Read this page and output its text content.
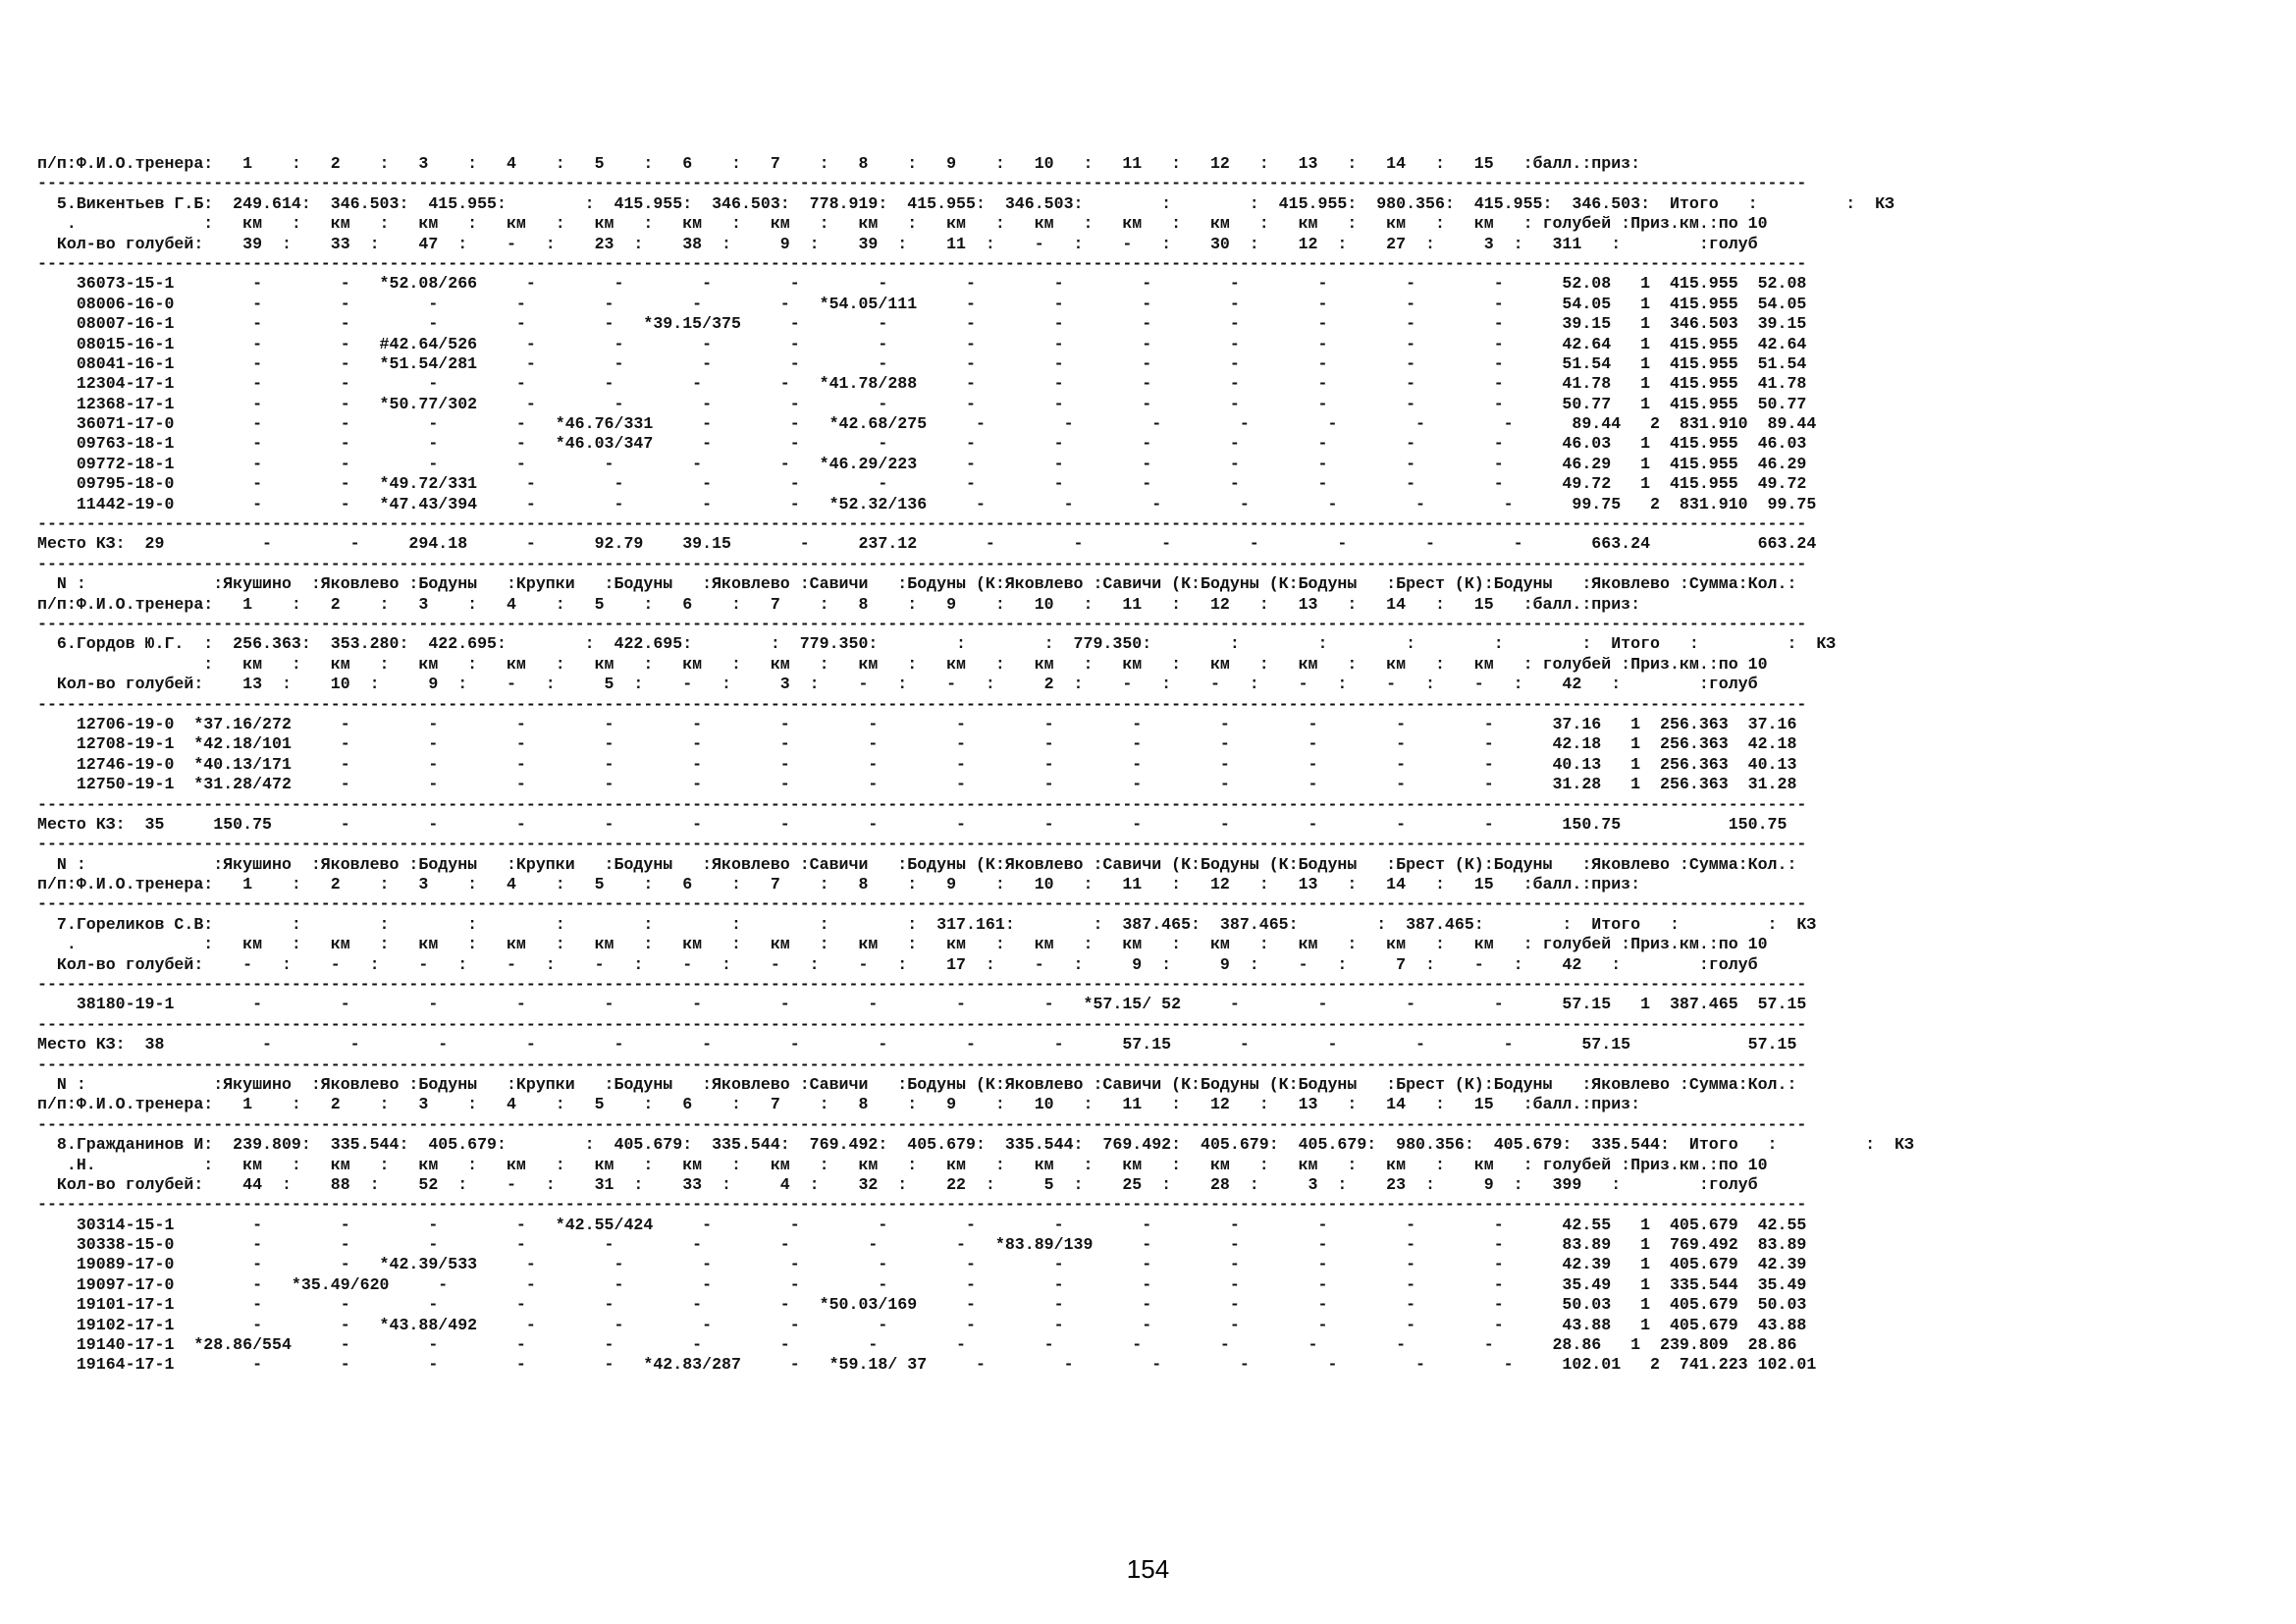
п/п:Ф.И.О.тренера:   1    :   2    :   3    :   4    :   5    :   6    :   7    :   8    :   9    :   10   :   11   :   12   :   13   :   14   :   15   :балл.:приз:
-------------------------------------------------------------------------------------------------------------------------------------------------------------------------------------
5.Викентьев Г.Б:  249.614:  346.503:  415.955:        :  415.955:  346.503:  778.919:  415.955:  346.503:        :        :  415.955:  980.356:  415.955:  346.503:  Итого   :         :  КЗ
.             :   км   :   км   :   км   :   км   :   км   :   км   :   км   :   км   :   км   :   км   :   км   :   км   :   км   :   км   :   км   : голубей :Приз.км.:по 10
Кол-во голубей:    39  :    33  :    47  :    -   :    23  :    38  :     9  :    39  :    11  :    -   :    -   :    30  :    12  :    27  :     3  :   311   :        :голуб
-------------------------------------------------------------------------------------------------------------------------------------------------------------------------------------
36073-15-1        -        -   *52.08/266     -        -        -        -        -        -        -        -        -        -        -        -      52.08   1  415.955  52.08
08006-16-0        -        -        -        -        -        -        -   *54.05/111     -        -        -        -        -        -        -      54.05   1  415.955  54.05
08007-16-1        -        -        -        -        -   *39.15/375     -        -        -        -        -        -        -        -        -      39.15   1  346.503  39.15
08015-16-1        -        -   #42.64/526     -        -        -        -        -        -        -        -        -        -        -        -      42.64   1  415.955  42.64
08041-16-1        -        -   *51.54/281     -        -        -        -        -        -        -        -        -        -        -        -      51.54   1  415.955  51.54
12304-17-1        -        -        -        -        -        -        -   *41.78/288     -        -        -        -        -        -        -      41.78   1  415.955  41.78
12368-17-1        -        -   *50.77/302     -        -        -        -        -        -        -        -        -        -        -        -      50.77   1  415.955  50.77
36071-17-0        -        -        -        -   *46.76/331     -        -   *42.68/275     -        -        -        -        -        -        -      89.44   2  831.910  89.44
09763-18-1        -        -        -        -   *46.03/347     -        -        -        -        -        -        -        -        -        -      46.03   1  415.955  46.03
09772-18-1        -        -        -        -        -        -        -   *46.29/223     -        -        -        -        -        -        -      46.29   1  415.955  46.29
09795-18-0        -        -   *49.72/331     -        -        -        -        -        -        -        -        -        -        -        -      49.72   1  415.955  49.72
11442-19-0        -        -   *47.43/394     -        -        -        -   *52.32/136     -        -        -        -        -        -        -      99.75   2  831.910  99.75
-------------------------------------------------------------------------------------------------------------------------------------------------------------------------------------
Место КЗ:  29          -        -     294.18      -      92.79    39.15       -     237.12       -        -        -        -        -        -        -       663.24           663.24
-------------------------------------------------------------------------------------------------------------------------------------------------------------------------------------
N :             :Якушино  :Яковлево :Бодуны   :Крупки   :Бодуны   :Яковлево :Савичи   :Бодуны (К:Яковлево :Савичи (К:Бодуны (К:Бодуны   :Брест (К):Бодуны   :Яковлево :Сумма:Кол.:
п/п:Ф.И.О.тренера:   1    :   2    :   3    :   4    :   5    :   6    :   7    :   8    :   9    :   10   :   11   :   12   :   13   :   14   :   15   :балл.:приз:
-------------------------------------------------------------------------------------------------------------------------------------------------------------------------------------
6.Гордов Ю.Г.  :  256.363:  353.280:  422.695:        :  422.695:        :  779.350:        :        :  779.350:        :        :        :        :        :  Итого   :         :  КЗ
:   км   :   км   :   км   :   км   :   км   :   км   :   км   :   км   :   км   :   км   :   км   :   км   :   км   :   км   :   км   : голубей :Приз.км.:по 10
Кол-во голубей:    13  :    10  :     9  :    -   :     5  :    -   :     3  :    -   :    -   :     2  :    -   :    -   :    -   :    -   :    -   :    42   :        :голуб
-------------------------------------------------------------------------------------------------------------------------------------------------------------------------------------
12706-19-0  *37.16/272     -        -        -        -        -        -        -        -        -        -        -        -        -        -      37.16   1  256.363  37.16
12708-19-1  *42.18/101     -        -        -        -        -        -        -        -        -        -        -        -        -        -      42.18   1  256.363  42.18
12746-19-0  *40.13/171     -        -        -        -        -        -        -        -        -        -        -        -        -        -      40.13   1  256.363  40.13
12750-19-1  *31.28/472     -        -        -        -        -        -        -        -        -        -        -        -        -        -      31.28   1  256.363  31.28
-------------------------------------------------------------------------------------------------------------------------------------------------------------------------------------
Место КЗ:  35     150.75       -        -        -        -        -        -        -        -        -        -        -        -        -        -       150.75           150.75
-------------------------------------------------------------------------------------------------------------------------------------------------------------------------------------
N :             :Якушино  :Яковлево :Бодуны   :Крупки   :Бодуны   :Яковлево :Савичи   :Бодуны (К:Яковлево :Савичи (К:Бодуны (К:Бодуны   :Брест (К):Бодуны   :Яковлево :Сумма:Кол.:
п/п:Ф.И.О.тренера:   1    :   2    :   3    :   4    :   5    :   6    :   7    :   8    :   9    :   10   :   11   :   12   :   13   :   14   :   15   :балл.:приз:
-------------------------------------------------------------------------------------------------------------------------------------------------------------------------------------
7.Гореликов С.В:        :        :        :        :        :        :        :        :  317.161:        :  387.465:  387.465:        :  387.465:        :  Итого   :         :  КЗ
.             :   км   :   км   :   км   :   км   :   км   :   км   :   км   :   км   :   км   :   км   :   км   :   км   :   км   :   км   :   км   : голубей :Приз.км.:по 10
Кол-во голубей:    -   :    -   :    -   :    -   :    -   :    -   :    -   :    -   :    17  :    -   :     9  :     9  :    -   :     7  :    -   :    42   :        :голуб
-------------------------------------------------------------------------------------------------------------------------------------------------------------------------------------
38180-19-1        -        -        -        -        -        -        -        -        -        -   *57.15/ 52     -        -        -        -      57.15   1  387.465  57.15
-------------------------------------------------------------------------------------------------------------------------------------------------------------------------------------
Место КЗ:  38          -        -        -        -        -        -        -        -        -        -      57.15       -        -        -        -       57.15            57.15
-------------------------------------------------------------------------------------------------------------------------------------------------------------------------------------
N :             :Якушино  :Яковлево :Бодуны   :Крупки   :Бодуны   :Яковлево :Савичи   :Бодуны (К:Яковлево :Савичи (К:Бодуны (К:Бодуны   :Брест (К):Бодуны   :Яковлево :Сумма:Кол.:
п/п:Ф.И.О.тренера:   1    :   2    :   3    :   4    :   5    :   6    :   7    :   8    :   9    :   10   :   11   :   12   :   13   :   14   :   15   :балл.:приз:
-------------------------------------------------------------------------------------------------------------------------------------------------------------------------------------
8.Гражданинов И:  239.809:  335.544:  405.679:        :  405.679:  335.544:  769.492:  405.679:  335.544:  769.492:  405.679:  405.679:  980.356:  405.679:  335.544:  Итого   :         :  КЗ
.Н.           :   км   :   км   :   км   :   км   :   км   :   км   :   км   :   км   :   км   :   км   :   км   :   км   :   км   :   км   :   км   : голубей :Приз.км.:по 10
Кол-во голубей:    44  :    88  :    52  :    -   :    31  :    33  :     4  :    32  :    22  :     5  :    25  :    28  :     3  :    23  :     9  :   399   :        :голуб
-------------------------------------------------------------------------------------------------------------------------------------------------------------------------------------
30314-15-1        -        -        -        -   *42.55/424     -        -        -        -        -        -        -        -        -        -      42.55   1  405.679  42.55
30338-15-0        -        -        -        -        -        -        -        -        -   *83.89/139     -        -        -        -        -      83.89   1  769.492  83.89
19089-17-0        -        -   *42.39/533     -        -        -        -        -        -        -        -        -        -        -        -      42.39   1  405.679  42.39
19097-17-0        -   *35.49/620     -        -        -        -        -        -        -        -        -        -        -        -        -      35.49   1  335.544  35.49
19101-17-1        -        -        -        -        -        -        -   *50.03/169     -        -        -        -        -        -        -      50.03   1  405.679  50.03
19102-17-1        -        -   *43.88/492     -        -        -        -        -        -        -        -        -        -        -        -      43.88   1  405.679  43.88
19140-17-1  *28.86/554     -        -        -        -        -        -        -        -        -        -        -        -        -        -      28.86   1  239.809  28.86
19164-17-1        -        -        -        -        -   *42.83/287     -   *59.18/ 37     -        -        -        -        -        -        -     102.01   2  741.223 102.01
154
